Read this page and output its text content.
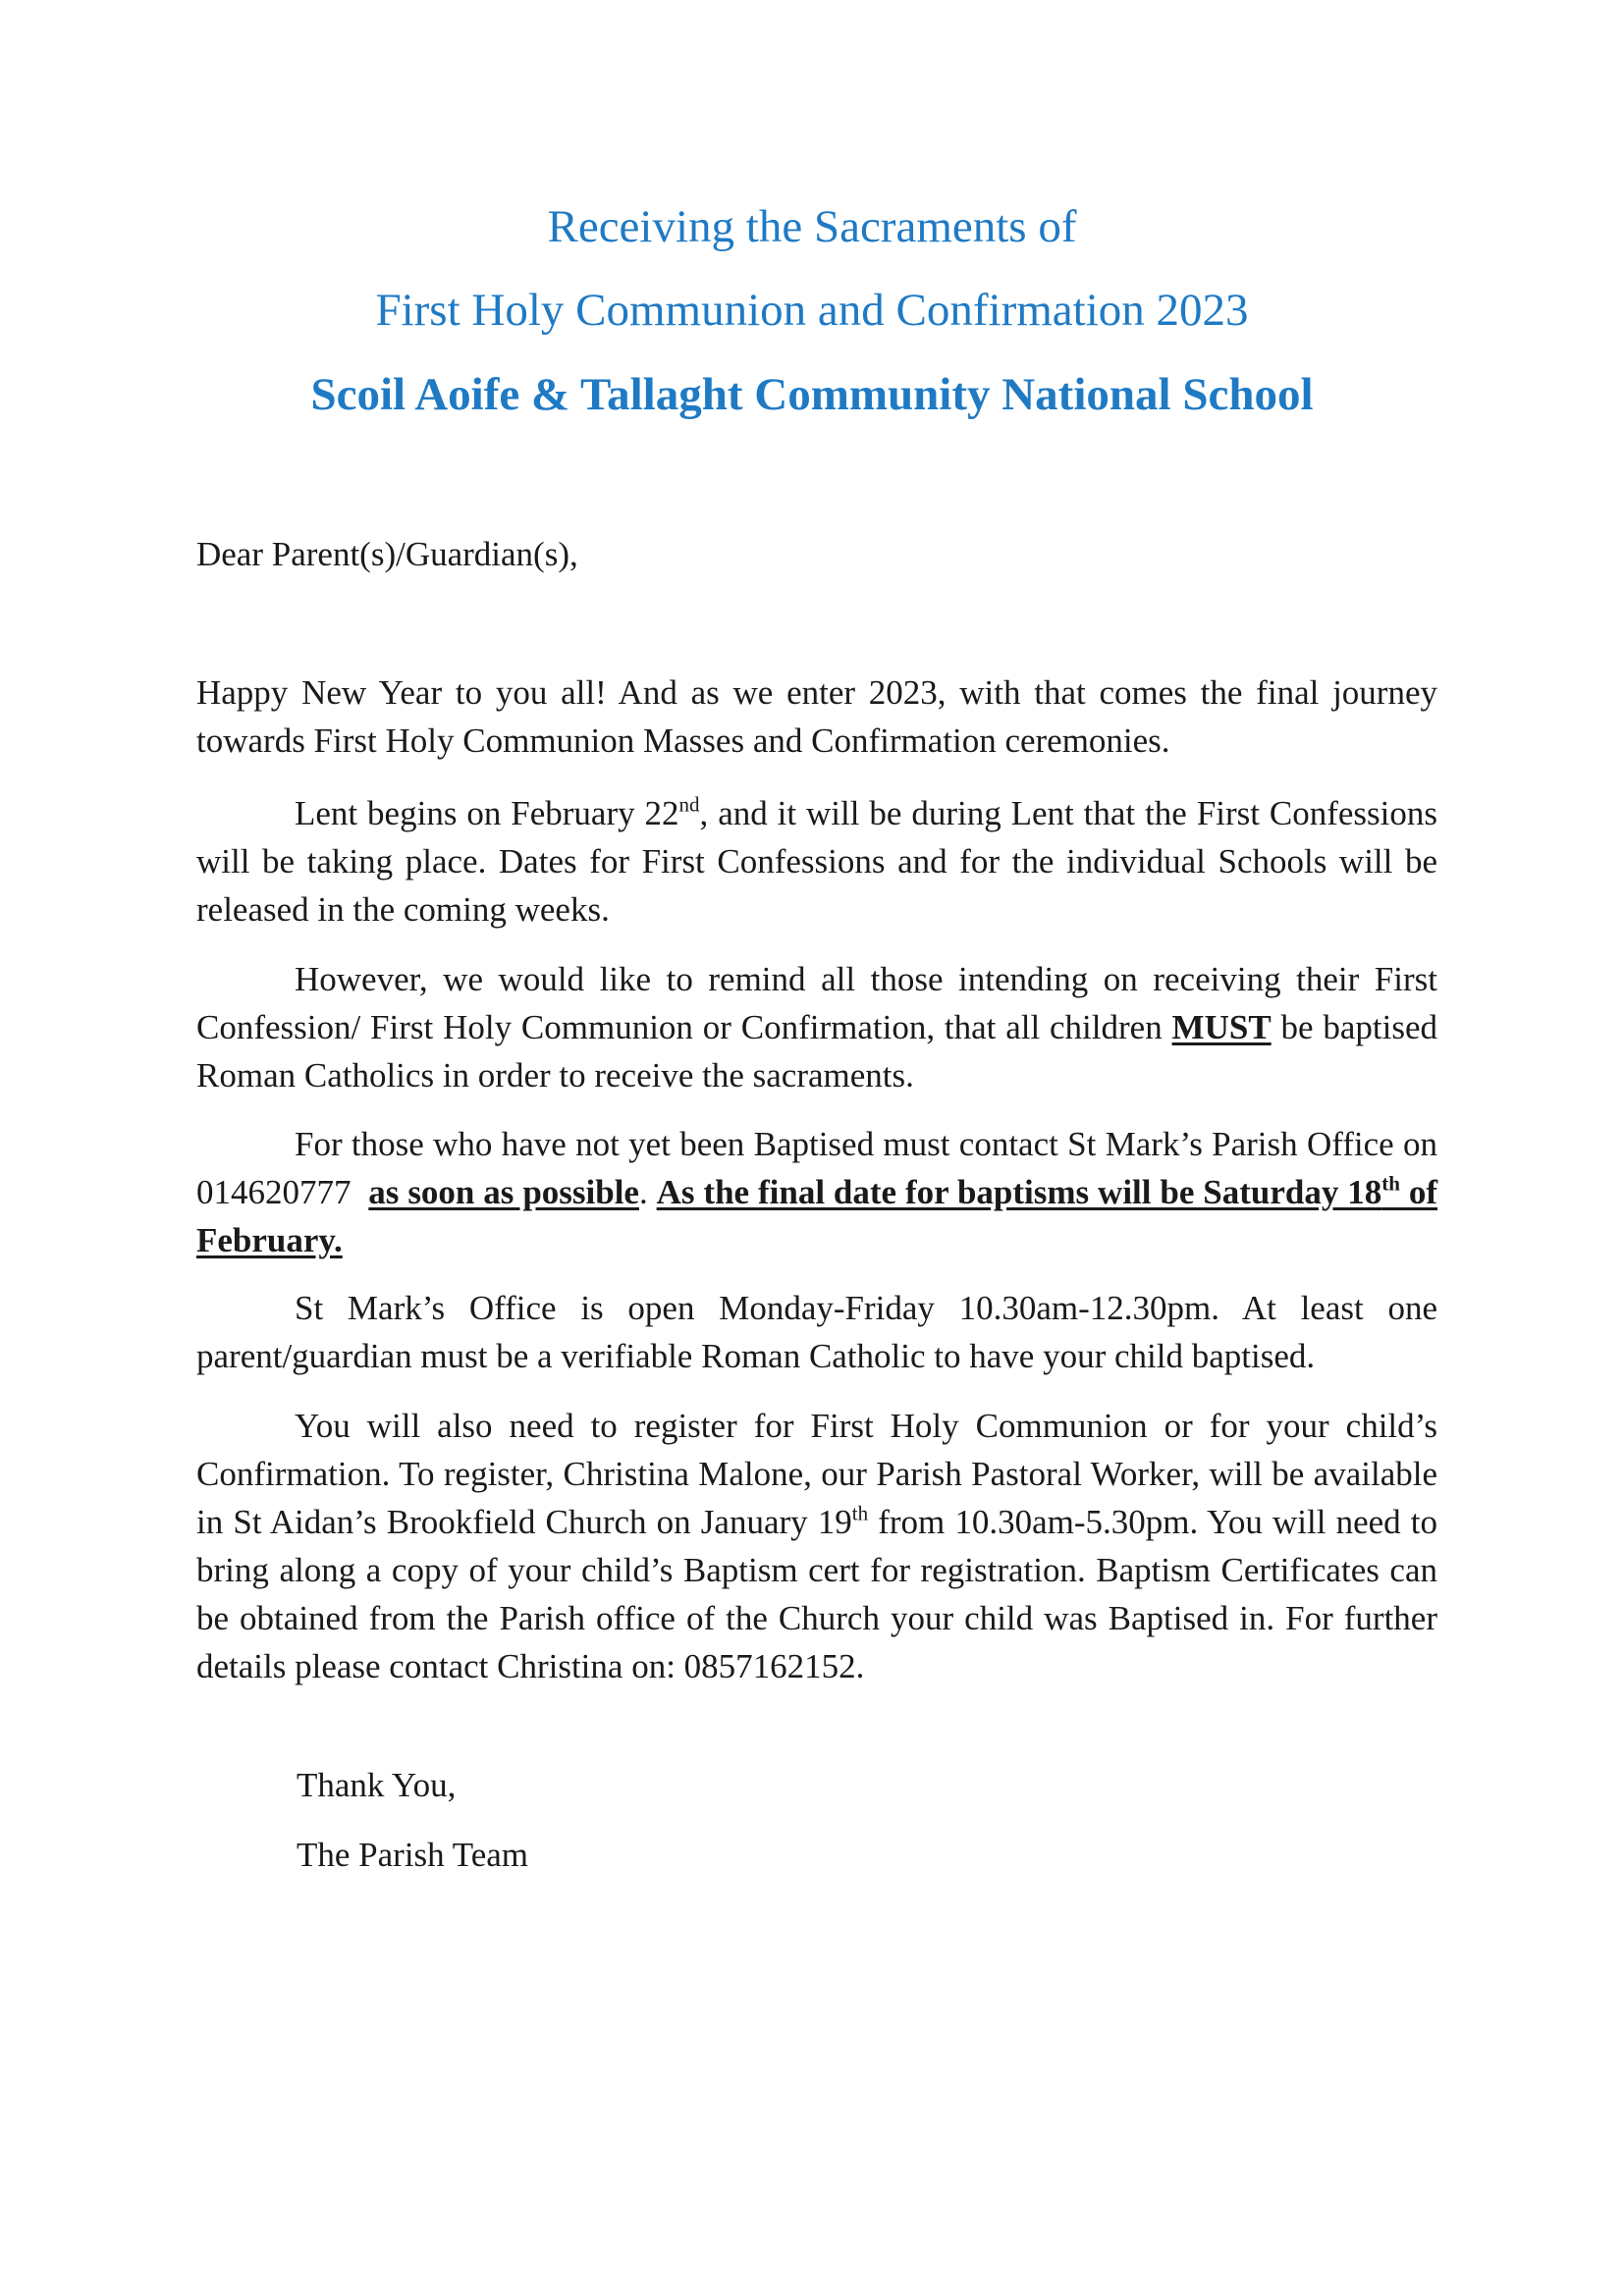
Receiving the Sacraments of
First Holy Communion and Confirmation 2023
Scoil Aoife & Tallaght Community National School
Dear Parent(s)/Guardian(s),
Happy New Year to you all! And as we enter 2023, with that comes the final journey towards First Holy Communion Masses and Confirmation ceremonies.
Lent begins on February 22nd, and it will be during Lent that the First Confessions will be taking place. Dates for First Confessions and for the individual Schools will be released in the coming weeks.
However, we would like to remind all those intending on receiving their First Confession/ First Holy Communion or Confirmation, that all children MUST be baptised Roman Catholics in order to receive the sacraments.
For those who have not yet been Baptised must contact St Mark’s Parish Office on 014620777 as soon as possible. As the final date for baptisms will be Saturday 18th of February.
St Mark’s Office is open Monday-Friday 10.30am-12.30pm. At least one parent/guardian must be a verifiable Roman Catholic to have your child baptised.
You will also need to register for First Holy Communion or for your child’s Confirmation. To register, Christina Malone, our Parish Pastoral Worker, will be available in St Aidan’s Brookfield Church on January 19th from 10.30am-5.30pm. You will need to bring along a copy of your child’s Baptism cert for registration. Baptism Certificates can be obtained from the Parish office of the Church your child was Baptised in. For further details please contact Christina on: 0857162152.
Thank You,
The Parish Team
